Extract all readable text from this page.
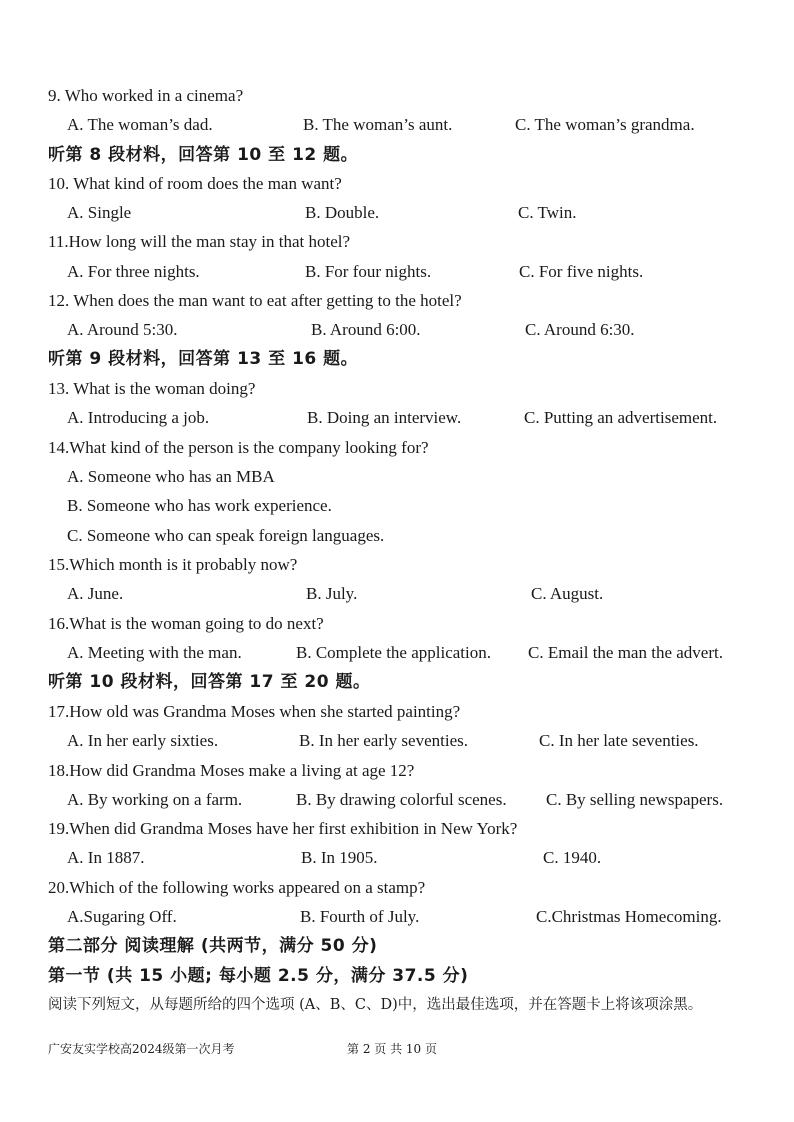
9. Who worked in a cinema?
A. The woman’s dad.	B. The woman’s aunt.	C. The woman’s grandma.
听第 8 段材料，回答第 10 至 12 题。
10. What kind of room does the man want?
A. Single	B. Double.	C. Twin.
11.How long will the man stay in that hotel?
A. For three nights.	B. For four nights.	C. For five nights.
12. When does the man want to eat after getting to the hotel?
A. Around 5:30.	B. Around 6:00.	C. Around 6:30.
听第 9 段材料，回答第 13 至 16 题。
13. What is the woman doing?
A. Introducing a job.	B. Doing an interview.	C. Putting an advertisement.
14.What kind of the person is the company looking for?
A. Someone who has an MBA
B. Someone who has work experience.
C. Someone who can speak foreign languages.
15.Which month is it probably now?
A. June.	B. July.	C. August.
16.What is the woman going to do next?
A. Meeting with the man.	B. Complete the application. C. Email the man the advert.
听第 10 段材料，回答第 17 至 20 题。
17.How old was Grandma Moses when she started painting?
A. In her early sixties.	B. In her early seventies.	C. In her late seventies.
18.How did Grandma Moses make a living at age 12?
A. By working on a farm.	B. By drawing colorful scenes. C. By selling newspapers.
19.When did Grandma Moses have her first exhibition in New York?
A. In 1887.	B. In 1905.	C. 1940.
20.Which of the following works appeared on a stamp?
A.Sugaring Off.	B. Fourth of July.	C.Christmas Homecoming.
第二部分 阅读理解 (共两节，满分 50 分)
第一节 (共 15 小题; 每小题 2.5 分，满分 37.5 分)
阅读下列短文，从每题所给的四个选项 (A、B、C、D)中，选出最佳选项，并在答题卡上将该项涂黑。
广安友实学校高2024级第一次月考	第 2 页 共 10 页
